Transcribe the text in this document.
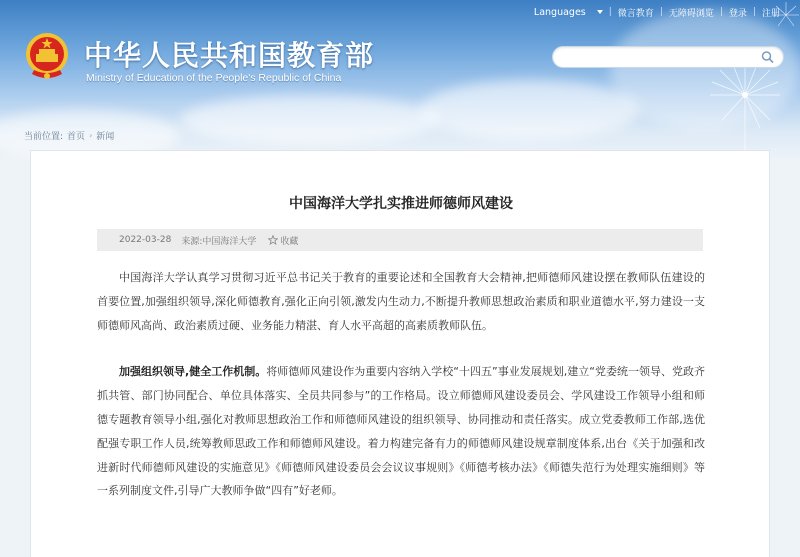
Languages	| 微言教育 | 无障碍浏览 | 登录 | 注册
中华人民共和国教育部
Ministry of Education of the People's Republic of China
当前位置: 首页 › 新闻
中国海洋大学扎实推进师德师风建设
2022-03-28 来源:中国海洋大学	收藏

中国海洋大学认真学习贯彻习近平总书记关于教育的重要论述和全国教育大会精神,把师德师风建设摆在教师队伍建设的首要位置,加强组织领导,深化师德教育,强化正向引领,激发内生动力,不断提升教师思想政治素质和职业道德水平,努力建设一支师德师风高尚、政治素质过硬、业务能力精湛、育人水平高超的高素质教师队伍。

加强组织领导,健全工作机制。将师德师风建设作为重要内容纳入学校“十四五”事业发展规划,建立“党委统一领导、党政齐抓共管、部门协同配合、单位具体落实、全员共同参与”的工作格局。设立师德师风建设委员会、学风建设工作领导小组和师德专题教育领导小组,强化对教师思想政治工作和师德师风建设的组织领导、协同推动和责任落实。成立党委教师工作部,选优配强专职工作人员,统筹教师思政工作和师德师风建设。着力构建完备有力的师德师风建设规章制度体系,出台《关于加强和改进新时代师德师风建设的实施意见》《师德师风建设委员会会议议事规则》《师德考核办法》《师德失范行为处理实施细则》等一系列制度文件,引导广大教师争做“四有”好老师。
